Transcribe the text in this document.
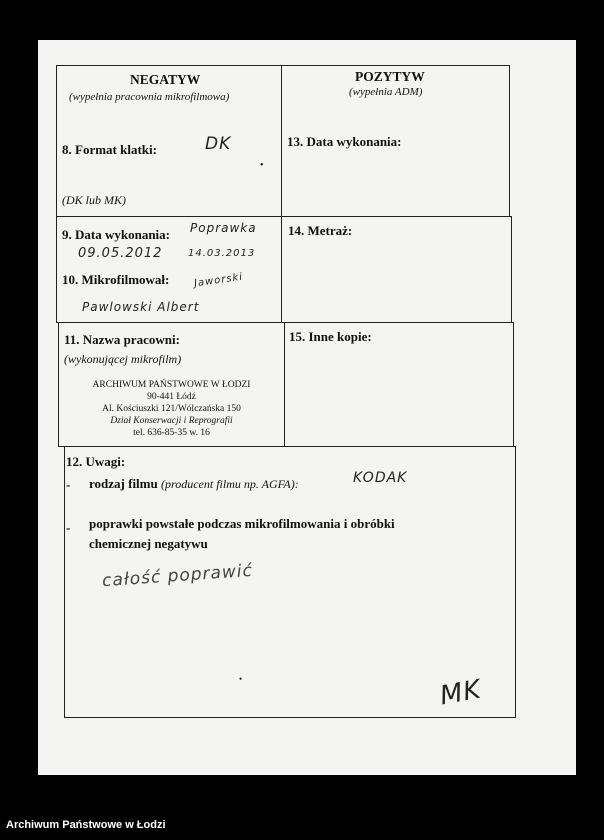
NEGATYW
(wypełnia pracownia mikrofilmowa)
POZYTYW
(wypełnia ADM)
8. Format klatki:	DK
•
(DK lub MK)
13. Data wykonania:
9. Data wykonania: Poprawka
09.05.2012	14.03.2013
10. Mikrofilmował: Jaworski
Pawlowski Albert
14. Metraż:
11. Nazwa pracowni:
(wykonującej mikrofilm)
ARCHIWUM PAŃSTWOWE W ŁODZI
90-441 Łódź
Al. Kościuszki 121/Wólczańska 150
Dział Konserwacji i Reprografii
tel. 636-85-35 w. 16
15. Inne kopie:
12. Uwagi:
- rodzaj filmu (producent filmu np. AGFA):	KODAK
- poprawki powstałe podczas mikrofilmowania i obróbki
chemicznej negatywu
całość poprawić
•	MK
Archiwum Państwowe w Łodzi
